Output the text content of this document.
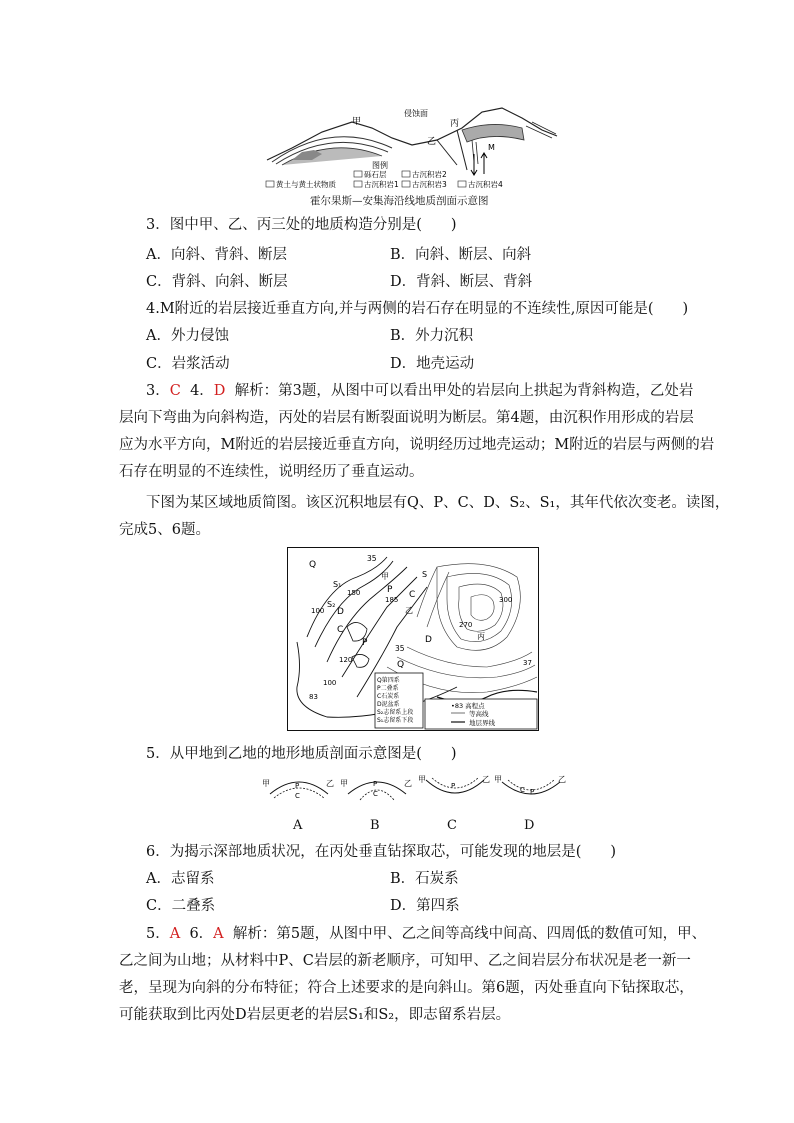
甲
乙
丙
侵蚀面
M
图例
砾石层	古沉积岩2
黄土与黄土状物质	古沉积岩1 古沉积岩3	古沉积岩4
霍尔果斯—安集海沿线地质剖面示意图
3．图中甲、乙、丙三处的地质构造分别是(　　)
A．向斜、背斜、断层	B．向斜、断层、向斜
C．背斜、向斜、断层	D．背斜、断层、背斜
4.M附近的岩层接近垂直方向,并与两侧的岩石存在明显的不连续性,原因可能是(　　)
A．外力侵蚀	B．外力沉积
C．岩浆活动	D．地壳运动
3．C 4．D 解析：第3题，从图中可以看出甲处的岩层向上拱起为背斜构造，乙处岩
层向下弯曲为向斜构造，丙处的岩层有断裂面说明为断层。第4题，由沉积作用形成的岩层
应为水平方向，M附近的岩层接近垂直方向，说明经历过地壳运动；M附近的岩层与两侧的岩
石存在明显的不连续性，说明经历了垂直运动。
下图为某区域地质简图。该区沉积地层有Q、P、C、D、S₂、S₁，其年代依次变老。读图，
完成5、6题。
Q
S₁
S₂
D
C
P
Q
D
C
P
S
35
35
150
185
100
120
100
83
270
300
37
甲
乙
丙
Q第四系
P二叠系
C石炭系
D泥盆系
S₂志留系上段
S₁志留系下段
•83 高程点
等高线
地层界线
5．从甲地到乙地的地形地质剖面示意图是(　　)
甲	乙
P
C
甲	乙
P
C
甲	乙
P
甲	乙
C P
A	B	C	D
6．为揭示深部地质状况，在丙处垂直钻探取芯，可能发现的地层是(　　)
A．志留系	B．石炭系
C．二叠系	D．第四系
5．A 6．A 解析：第5题，从图中甲、乙之间等高线中间高、四周低的数值可知，甲、
乙之间为山地；从材料中P、C岩层的新老顺序，可知甲、乙之间岩层分布状况是老一新一
老，呈现为向斜的分布特征；符合上述要求的是向斜山。第6题，丙处垂直向下钻探取芯，
可能获取到比丙处D岩层更老的岩层S₁和S₂，即志留系岩层。
